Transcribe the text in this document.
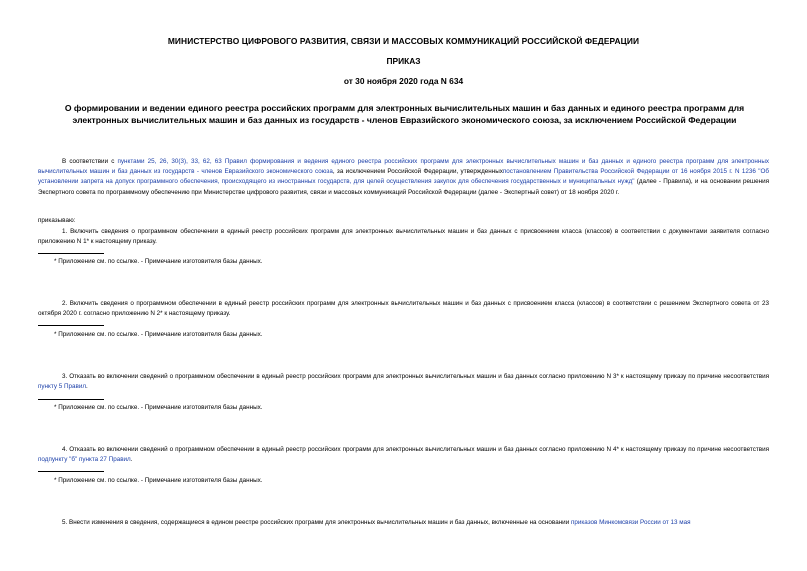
МИНИСТЕРСТВО ЦИФРОВОГО РАЗВИТИЯ, СВЯЗИ И МАССОВЫХ КОММУНИКАЦИЙ РОССИЙСКОЙ ФЕДЕРАЦИИ
ПРИКАЗ
от 30 ноября 2020 года N 634
О формировании и ведении единого реестра российских программ для электронных вычислительных машин и баз данных и единого реестра программ для электронных вычислительных машин и баз данных из государств - членов Евразийского экономического союза, за исключением Российской Федерации
В соответствии с пунктами 25, 26, 30(3), 33, 62, 63 Правил формирования и ведения единого реестра российских программ для электронных вычислительных машин и баз данных и единого реестра программ для электронных вычислительных машин и баз данных из государств - членов Евразийского экономического союза, за исключением Российской Федерации, утвержденныхпостановлением Правительства Российской Федерации от 16 ноября 2015 г. N 1236 "Об установлении запрета на допуск программного обеспечения, происходящего из иностранных государств, для целей осуществления закупок для обеспечения государственных и муниципальных нужд" (далее - Правила), и на основании решения Экспертного совета по программному обеспечению при Министерстве цифрового развития, связи и массовых коммуникаций Российской Федерации (далее - Экспертный совет) от 18 ноября 2020 г.
приказываю:
1. Включить сведения о программном обеспечении в единый реестр российских программ для электронных вычислительных машин и баз данных с присвоением класса (классов) в соответствии с документами заявителя согласно приложению N 1* к настоящему приказу.
* Приложение см. по ссылке. - Примечание изготовителя базы данных.
2. Включить сведения о программном обеспечении в единый реестр российских программ для электронных вычислительных машин и баз данных с присвоением класса (классов) в соответствии с решением Экспертного совета от 23 октября 2020 г. согласно приложению N 2* к настоящему приказу.
* Приложение см. по ссылке. - Примечание изготовителя базы данных.
3. Отказать во включении сведений о программном обеспечении в единый реестр российских программ для электронных вычислительных машин и баз данных согласно приложению N 3* к настоящему приказу по причине несоответствия пункту 5 Правил.
* Приложение см. по ссылке. - Примечание изготовителя базы данных.
4. Отказать во включении сведений о программном обеспечении в единый реестр российских программ для электронных вычислительных машин и баз данных согласно приложению N 4* к настоящему приказу по причине несоответствия подпункту "б" пункта 27 Правил.
* Приложение см. по ссылке. - Примечание изготовителя базы данных.
5. Внести изменения в сведения, содержащиеся в едином реестре российских программ для электронных вычислительных машин и баз данных, включенные на основании приказов Минкомсвязи России от 13 мая
